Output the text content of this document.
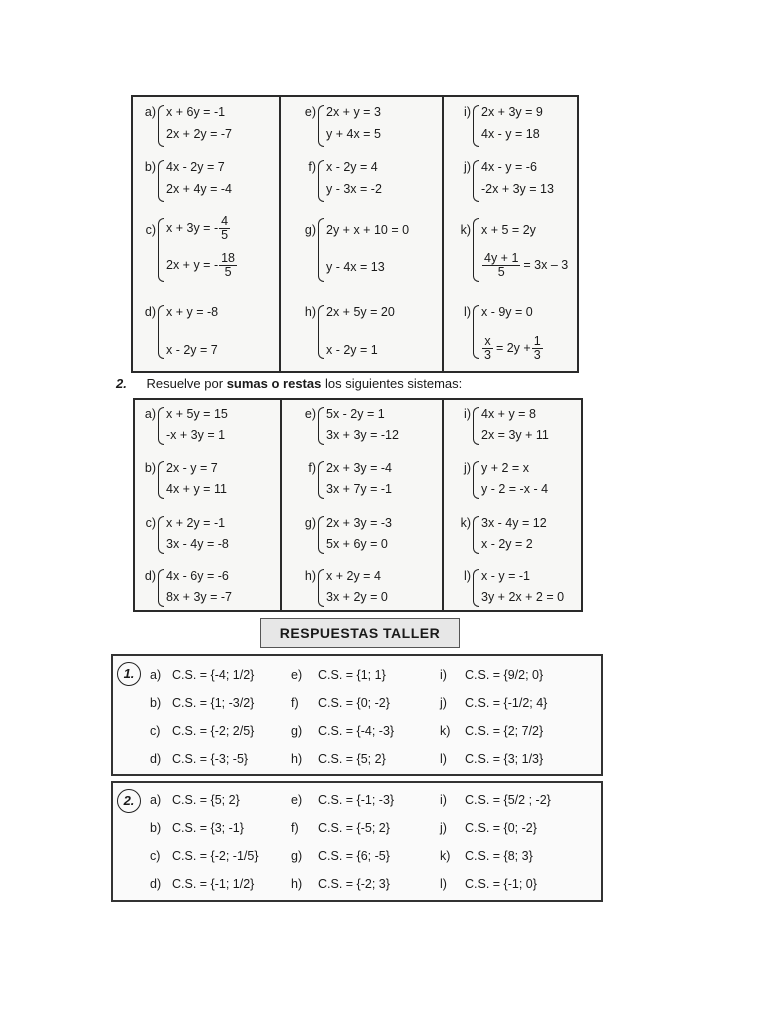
a) x + 6y = -1
2x + 2y = -7
b) 4x - 2y = 7
2x + 4y = -4
c) x + 3y = - $\frac{4}{5}$
2x + y = - $\frac{18}{5}$
d) x + y = -8
x - 2y = 7
e) 2x + y = 3
y + 4x = 5
f) x - 2y = 4
y - 3x = -2
g) 2y + x + 10 = 0
y - 4x = 13
h) 2x + 5y = 20
x - 2y = 1
i) 2x + 3y = 9
4x - y = 18
j) 4x - y = -6
-2x + 3y = 13
k) x + 5 = 2y
$\frac{4y + 1}{5} = 3x - 3$
l) x - 9y = 0
$\frac{x}{3} = 2y + \frac{1}{3}$
2. Resuelve por sumas o restas los siguientes sistemas:
a) x + 5y = 15
-x + 3y = 1
b) 2x - y = 7
4x + y = 11
c) x + 2y = -1
3x - 4y = -8
d) 4x - 6y = -6
8x + 3y = -7
e) 5x - 2y = 1
3x + 3y = -12
f) 2x + 3y = -4
3x + 7y = -1
g) 2x + 3y = -3
5x + 6y = 0
h) x + 2y = 4
3x + 2y = 0
i) 4x + y = 8
2x = 3y + 11
j) y + 2 = x
y - 2 = -x - 4
k) 3x - 4y = 12
x - 2y = 2
l) x - y = -1
3y + 2x + 2 = 0
RESPUESTAS TALLER
1.	a) C.S. = {-4; 1/2}	e) C.S. = {1; 1}	i) C.S. = {9/2; 0}
b) C.S. = {1; -3/2}	f) C.S. = {0; -2}	j) C.S. = {-1/2; 4}
c) C.S. = {-2; 2/5}	g) C.S. = {-4; -3}	k) C.S. = {2; 7/2}
d) C.S. = {-3; -5}	h) C.S. = {5; 2}	l) C.S. = {3; 1/3}
2.	a) C.S. = {5; 2}	e) C.S. = {-1; -3}	i) C.S. = {5/2 ; -2}
b) C.S. = {3; -1}	f) C.S. = {-5; 2}	j) C.S. = {0; -2}
c) C.S. = {-2; -1/5}	g) C.S. = {6; -5}	k) C.S. = {8; 3}
d) C.S. = {-1; 1/2}	h) C.S. = {-2; 3}	l) C.S. = {-1; 0}
